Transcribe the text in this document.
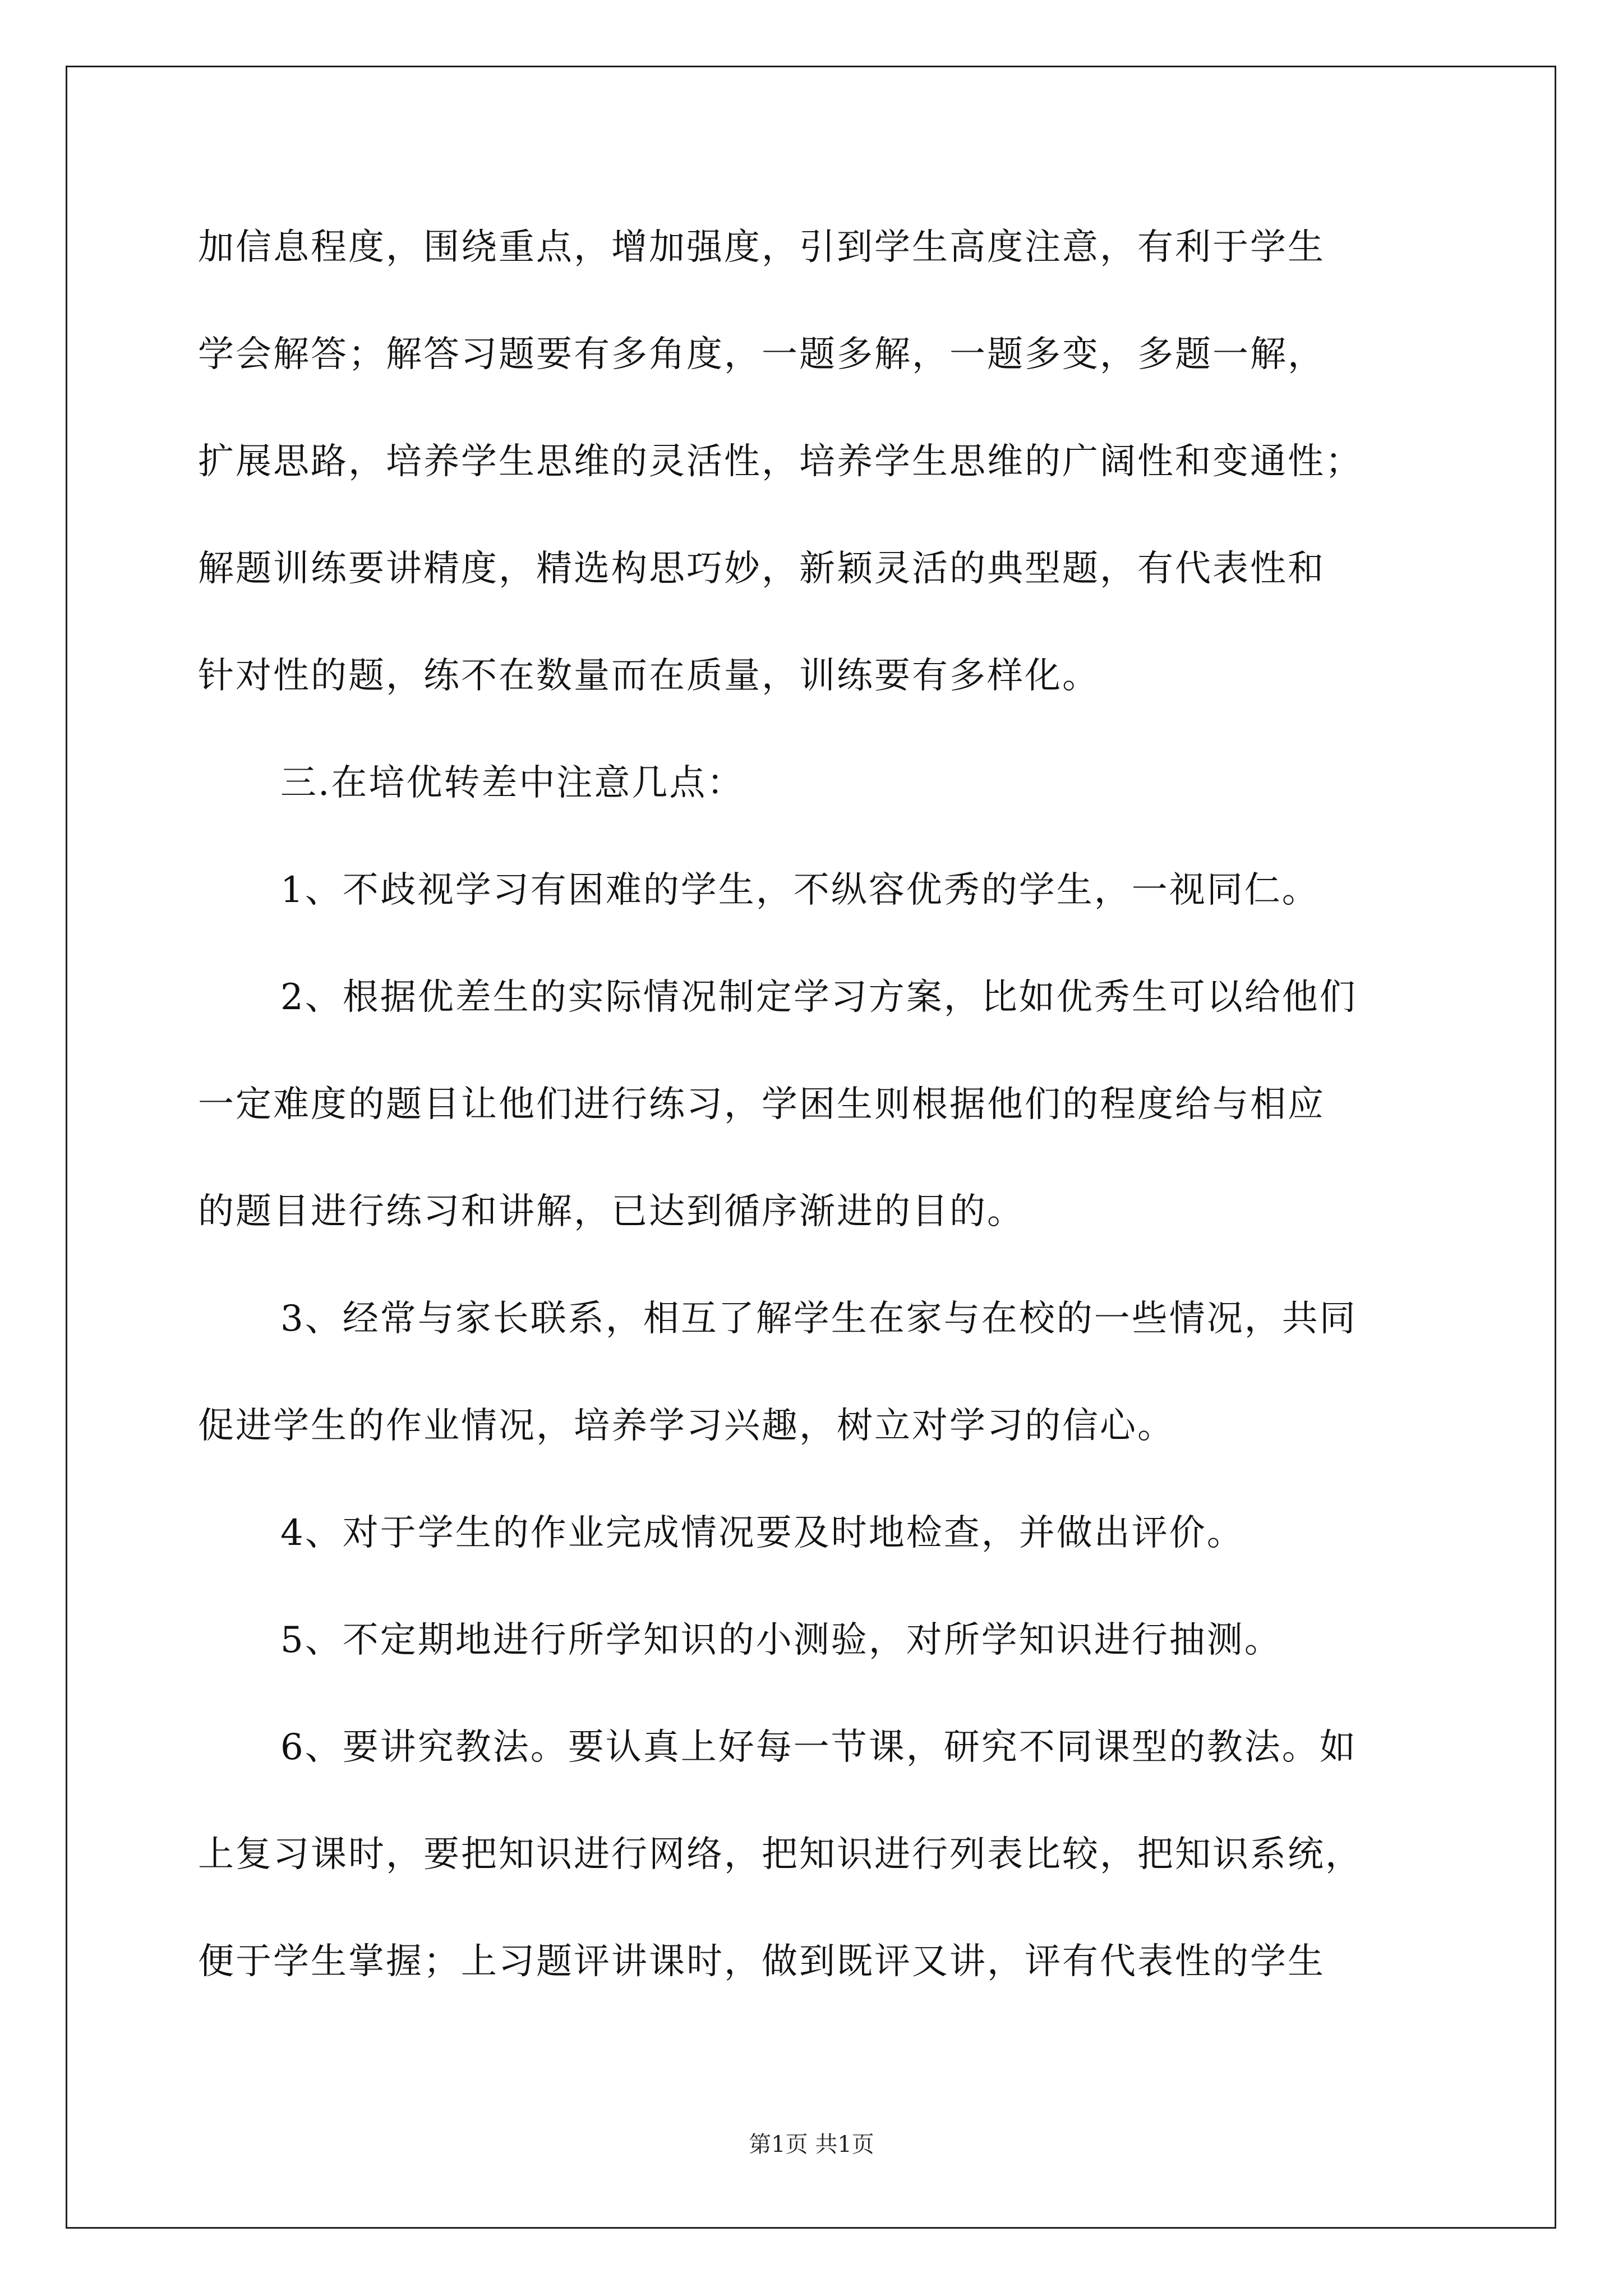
加信息程度，围绕重点，增加强度，引到学生高度注意，有利于学生
学会解答；解答习题要有多角度，一题多解，一题多变，多题一解，
扩展思路，培养学生思维的灵活性，培养学生思维的广阔性和变通性；
解题训练要讲精度，精选构思巧妙，新颖灵活的典型题，有代表性和
针对性的题，练不在数量而在质量，训练要有多样化。
三.在培优转差中注意几点：
1、不歧视学习有困难的学生，不纵容优秀的学生，一视同仁。
2、根据优差生的实际情况制定学习方案，比如优秀生可以给他们
一定难度的题目让他们进行练习，学困生则根据他们的程度给与相应
的题目进行练习和讲解，已达到循序渐进的目的。
3、经常与家长联系，相互了解学生在家与在校的一些情况，共同
促进学生的作业情况，培养学习兴趣，树立对学习的信心。
4、对于学生的作业完成情况要及时地检查，并做出评价。
5、不定期地进行所学知识的小测验，对所学知识进行抽测。
6、要讲究教法。要认真上好每一节课，研究不同课型的教法。如
上复习课时，要把知识进行网络，把知识进行列表比较，把知识系统，
便于学生掌握；上习题评讲课时，做到既评又讲，评有代表性的学生
第1页 共1页
